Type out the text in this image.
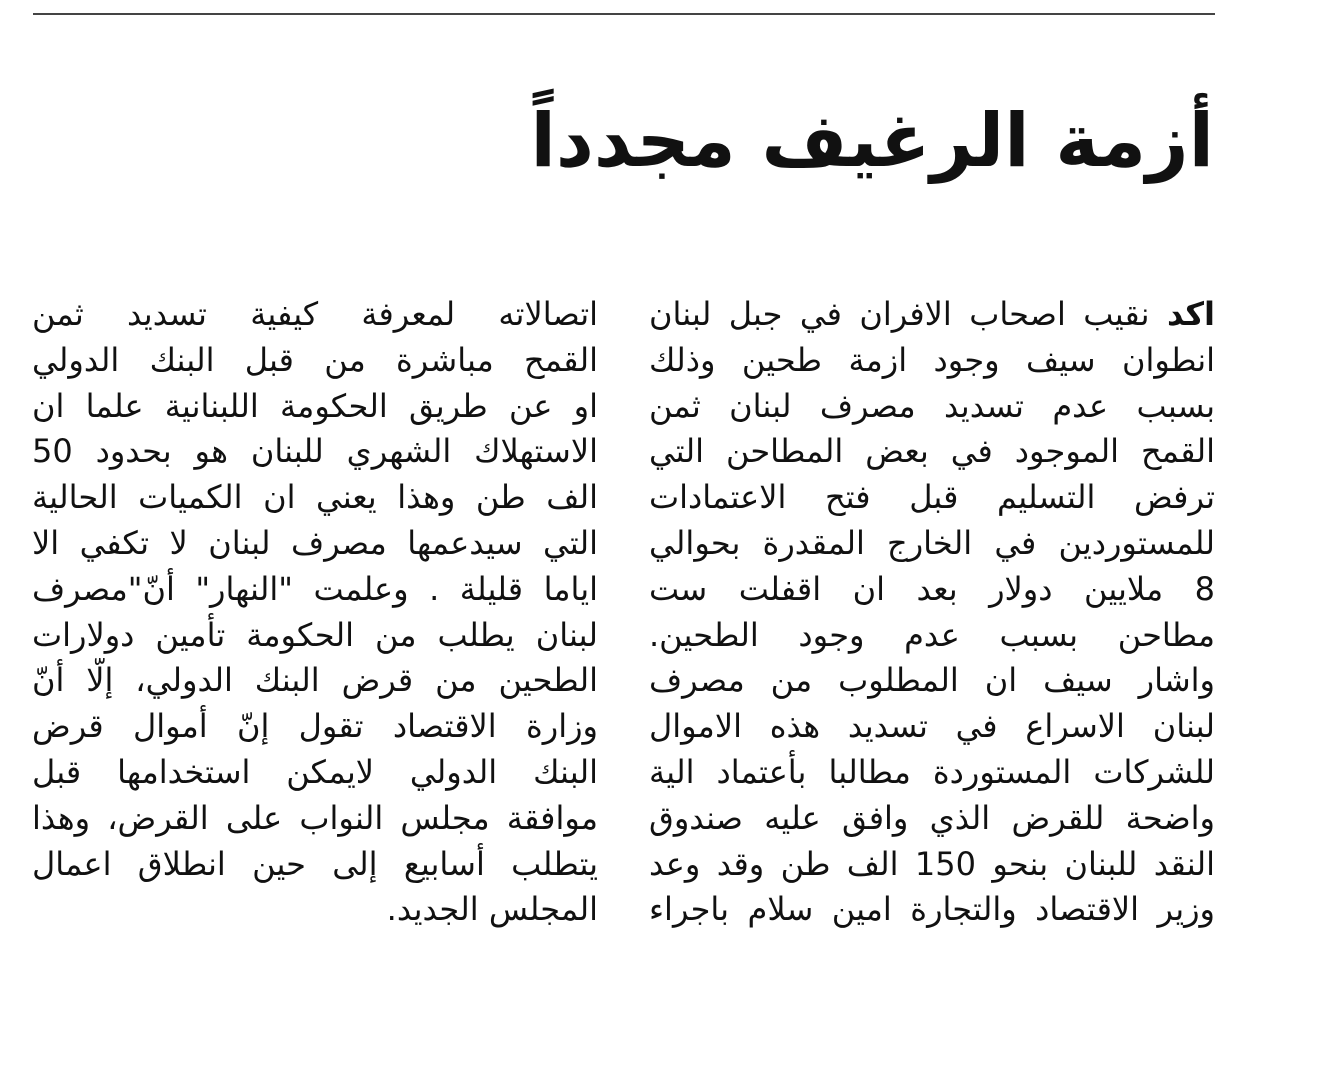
أزمة الرغيف مجدداً
اكد نقيب اصحاب الافران في جبل لبنان
انطوان سيف وجود ازمة طحين وذلك
بسبب عدم تسديد مصرف لبنان ثمن
القمح الموجود في بعض المطاحن التي
ترفض التسليم قبل فتح الاعتمادات
للمستوردين في الخارج المقدرة بحوالي
8 ملايين دولار بعد ان اقفلت ست
مطاحن بسبب عدم وجود الطحين.
واشار سيف ان المطلوب من مصرف
لبنان الاسراع في تسديد هذه الاموال
للشركات المستوردة مطالبا بأعتماد الية
واضحة للقرض الذي وافق عليه صندوق
النقد للبنان بنحو 150 الف طن وقد وعد
وزير الاقتصاد والتجارة امين سلام باجراء
اتصالاته لمعرفة كيفية تسديد ثمن
القمح مباشرة من قبل البنك الدولي
او عن طريق الحكومة اللبنانية علما ان
الاستهلاك الشهري للبنان هو بحدود 50
الف طن وهذا يعني ان الكميات الحالية
التي سيدعمها مصرف لبنان لا تكفي الا
اياما قليلة . وعلمت "النهار" أنّ"مصرف
لبنان يطلب من الحكومة تأمين دولارات
الطحين من قرض البنك الدولي، إلّا أنّ
وزارة الاقتصاد تقول إنّ أموال قرض
البنك الدولي لايمكن استخدامها قبل
موافقة مجلس النواب على القرض، وهذا
يتطلب أسابيع إلى حين انطلاق اعمال
المجلس الجديد.
